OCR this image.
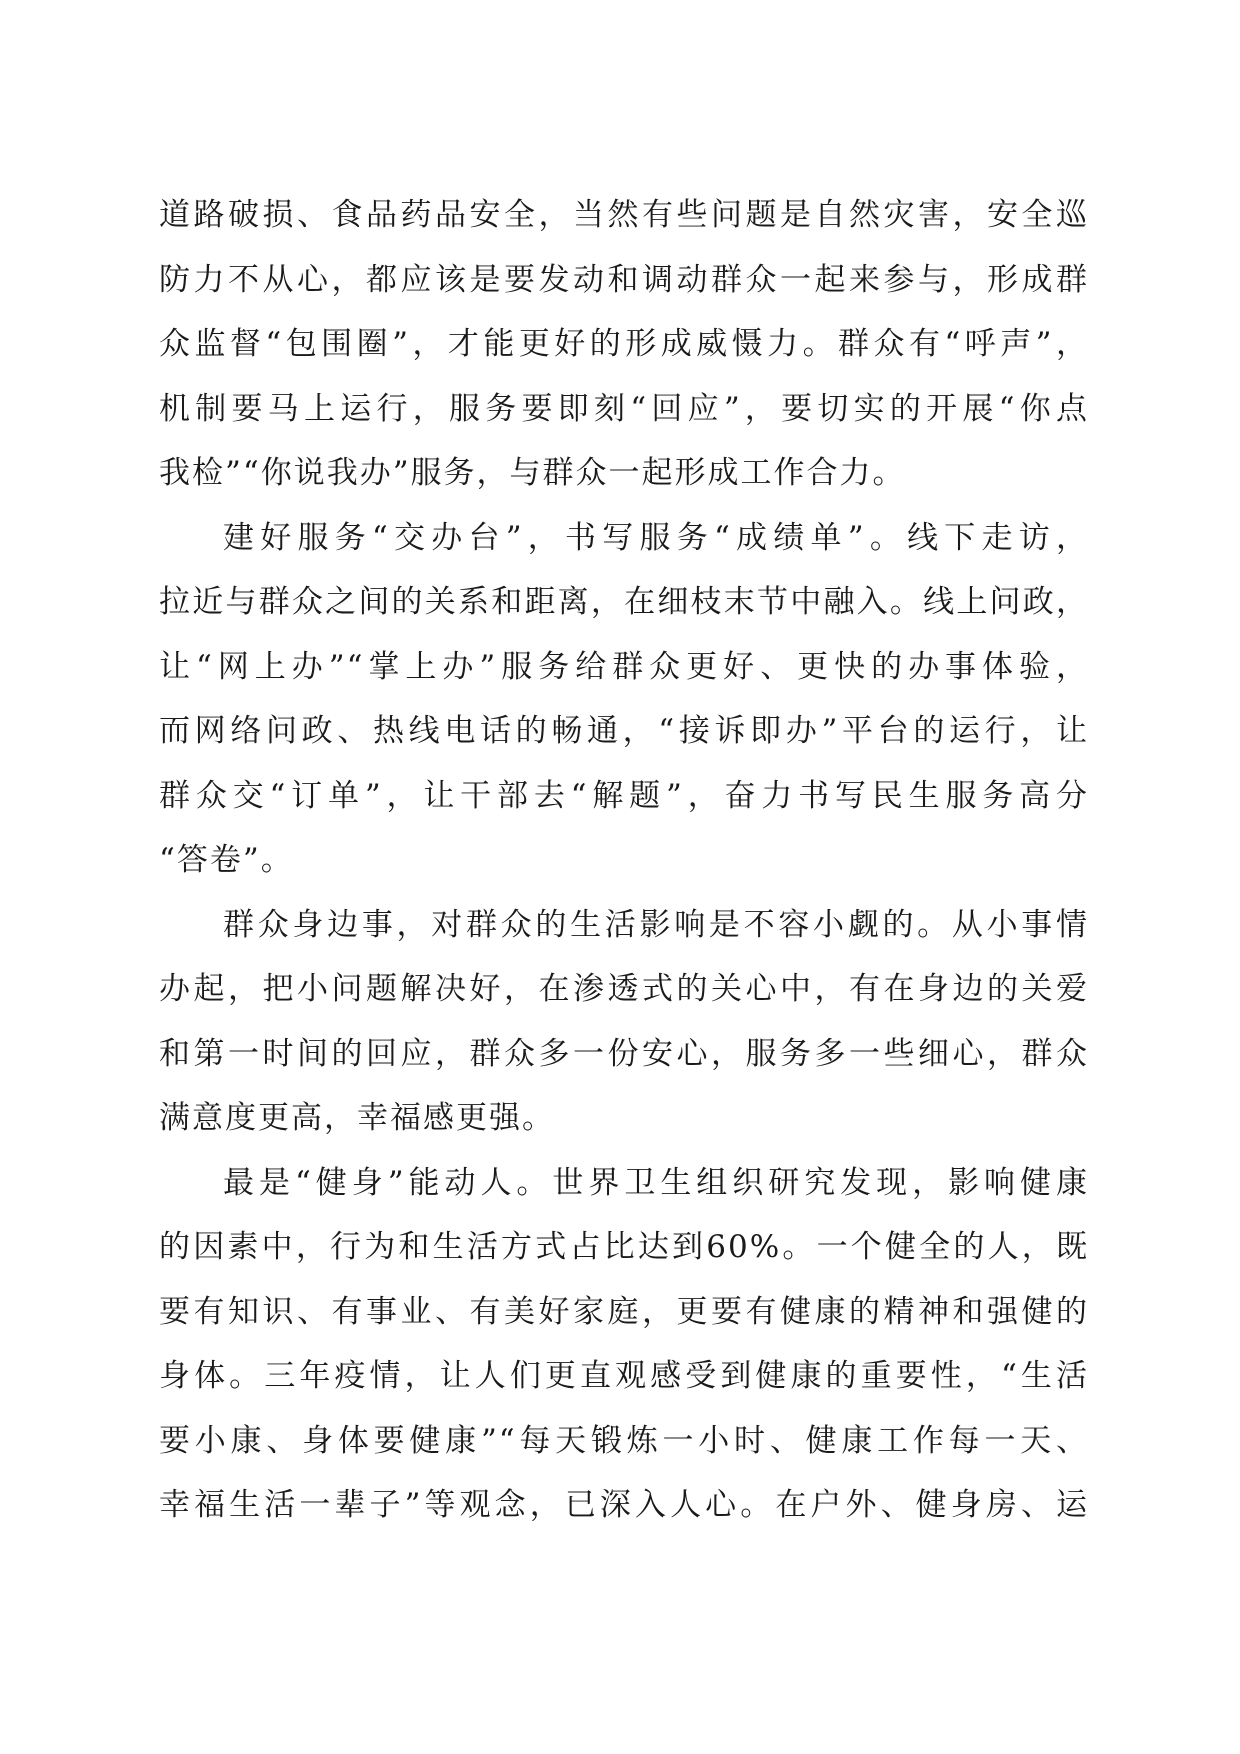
道路破损、食品药品安全，当然有些问题是自然灾害，安全巡
防力不从心，都应该是要发动和调动群众一起来参与，形成群
众监督“包围圈”，才能更好的形成威慑力。群众有“呼声”，
机制要马上运行，服务要即刻“回应”，要切实的开展“你点
我检”“你说我办”服务，与群众一起形成工作合力。
建好服务“交办台”，书写服务“成绩单”。线下走访，
拉近与群众之间的关系和距离，在细枝末节中融入。线上问政，
让“网上办”“掌上办”服务给群众更好、更快的办事体验，
而网络问政、热线电话的畅通，“接诉即办”平台的运行，让
群众交“订单”，让干部去“解题”，奋力书写民生服务高分
“答卷”。
群众身边事，对群众的生活影响是不容小觑的。从小事情
办起，把小问题解决好，在渗透式的关心中，有在身边的关爱
和第一时间的回应，群众多一份安心，服务多一些细心，群众
满意度更高，幸福感更强。
最是“健身”能动人。世界卫生组织研究发现，影响健康
的因素中，行为和生活方式占比达到60%。一个健全的人，既
要有知识、有事业、有美好家庭，更要有健康的精神和强健的
身体。三年疫情，让人们更直观感受到健康的重要性，“生活
要小康、身体要健康”“每天锻炼一小时、健康工作每一天、
幸福生活一辈子”等观念，已深入人心。在户外、健身房、运
